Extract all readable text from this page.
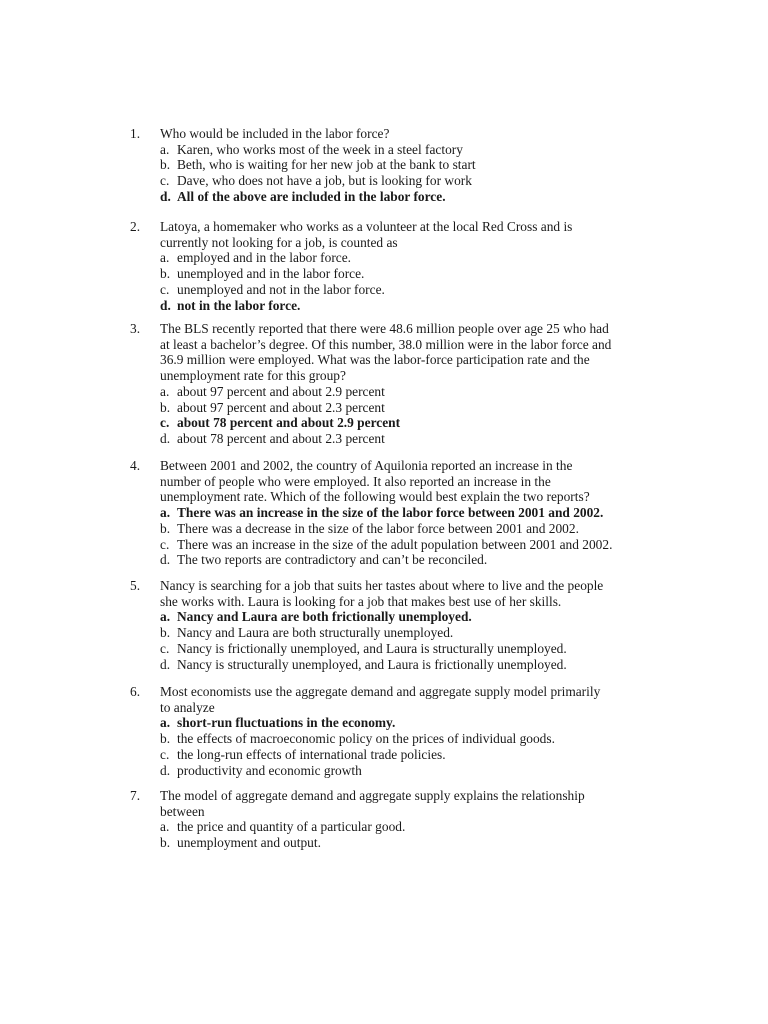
1. Who would be included in the labor force?
a. Karen, who works most of the week in a steel factory
b. Beth, who is waiting for her new job at the bank to start
c. Dave, who does not have a job, but is looking for work
d. All of the above are included in the labor force.
2. Latoya, a homemaker who works as a volunteer at the local Red Cross and is
currently not looking for a job, is counted as
a. employed and in the labor force.
b. unemployed and in the labor force.
c. unemployed and not in the labor force.
d. not in the labor force.
3. The BLS recently reported that there were 48.6 million people over age 25 who had
at least a bachelor’s degree. Of this number, 38.0 million were in the labor force and
36.9 million were employed. What was the labor-force participation rate and the
unemployment rate for this group?
a. about 97 percent and about 2.9 percent
b. about 97 percent and about 2.3 percent
c. about 78 percent and about 2.9 percent
d. about 78 percent and about 2.3 percent
4. Between 2001 and 2002, the country of Aquilonia reported an increase in the
number of people who were employed. It also reported an increase in the
unemployment rate. Which of the following would best explain the two reports?
a. There was an increase in the size of the labor force between 2001 and 2002.
b. There was a decrease in the size of the labor force between 2001 and 2002.
c. There was an increase in the size of the adult population between 2001 and 2002.
d. The two reports are contradictory and can’t be reconciled.
5. Nancy is searching for a job that suits her tastes about where to live and the people
she works with. Laura is looking for a job that makes best use of her skills.
a. Nancy and Laura are both frictionally unemployed.
b. Nancy and Laura are both structurally unemployed.
c. Nancy is frictionally unemployed, and Laura is structurally unemployed.
d. Nancy is structurally unemployed, and Laura is frictionally unemployed.
6. Most economists use the aggregate demand and aggregate supply model primarily
to analyze
a. short-run fluctuations in the economy.
b. the effects of macroeconomic policy on the prices of individual goods.
c. the long-run effects of international trade policies.
d. productivity and economic growth
7. The model of aggregate demand and aggregate supply explains the relationship
between
a. the price and quantity of a particular good.
b. unemployment and output.
